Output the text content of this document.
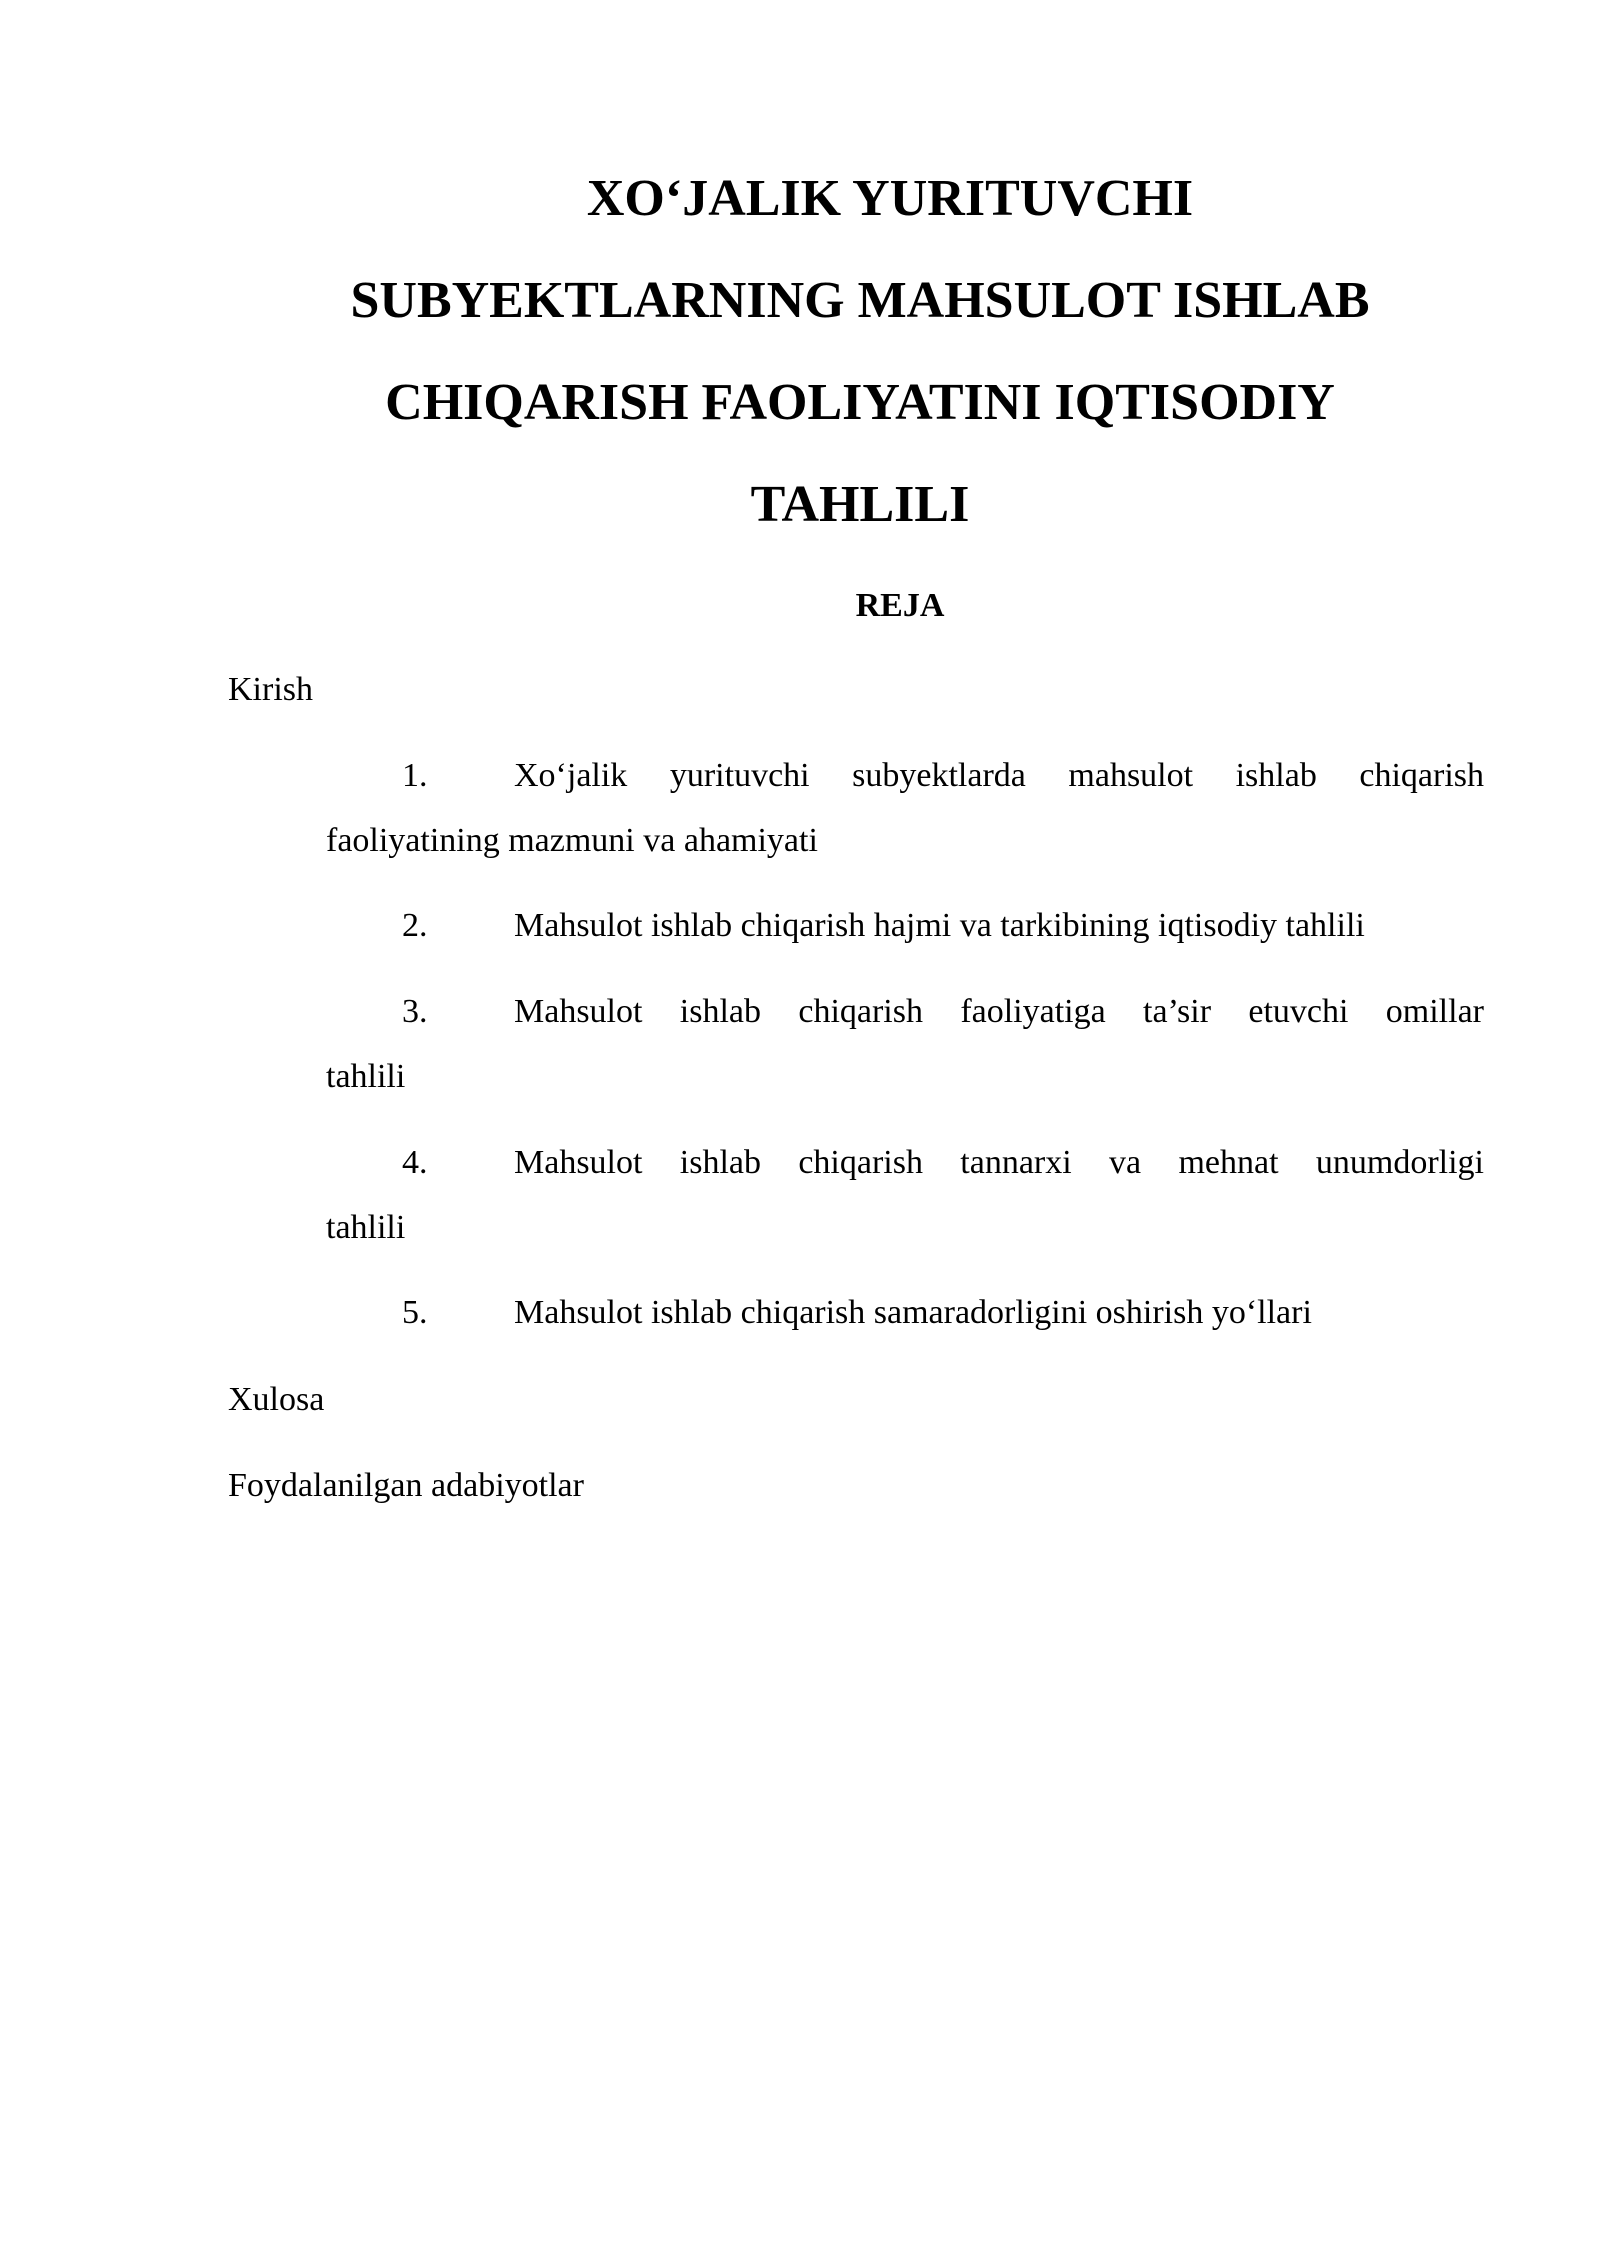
XO‘JALIK YURITUVCHI
SUBYEKTLARNING MAHSULOT ISHLAB
CHIQARISH FAOLIYATINI IQTISODIY
TAHLILI

REJA

Kirish

1.	Xo‘jalik yurituvchi subyektlarda mahsulot ishlab chiqarish
faoliyatining mazmuni va ahamiyati
2.	Mahsulot ishlab chiqarish hajmi va tarkibining iqtisodiy tahlili
3.	Mahsulot ishlab chiqarish faoliyatiga ta’sir etuvchi omillar
tahlili
4.	Mahsulot ishlab chiqarish tannarxi va mehnat unumdorligi
tahlili
5.	Mahsulot ishlab chiqarish samaradorligini oshirish yo‘llari

Xulosa

Foydalanilgan adabiyotlar
